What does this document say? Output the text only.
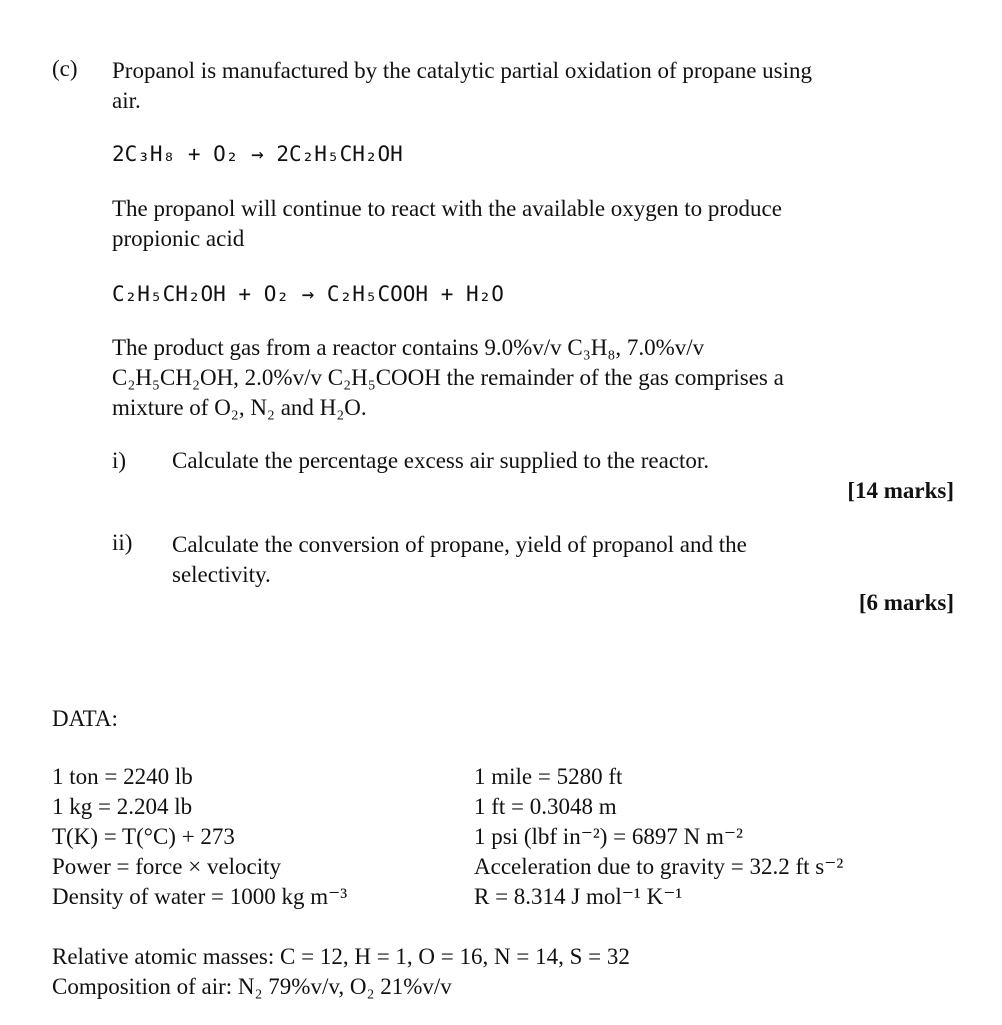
(c) Propanol is manufactured by the catalytic partial oxidation of propane using
air.
2C₃H₈ + O₂ → 2C₂H₅CH₂OH
The propanol will continue to react with the available oxygen to produce
propionic acid
C₂H₅CH₂OH + O₂ → C₂H₅COOH + H₂O
The product gas from a reactor contains 9.0%v/v C₃H₈, 7.0%v/v
C₂H₅CH₂OH, 2.0%v/v C₂H₅COOH the remainder of the gas comprises a
mixture of O₂, N₂ and H₂O.
i) Calculate the percentage excess air supplied to the reactor.
[14 marks]
ii) Calculate the conversion of propane, yield of propanol and the
selectivity.
[6 marks]
DATA:
1 ton = 2240 lb
1 kg = 2.204 lb
T(K) = T(°C) + 273
Power = force × velocity
Density of water = 1000 kg m⁻³
1 mile = 5280 ft
1 ft = 0.3048 m
1 psi (lbf in⁻²) = 6897 N m⁻²
Acceleration due to gravity = 32.2 ft s⁻²
R = 8.314 J mol⁻¹ K⁻¹
Relative atomic masses: C = 12, H = 1, O = 16, N = 14, S = 32
Composition of air: N₂ 79%v/v, O₂ 21%v/v
